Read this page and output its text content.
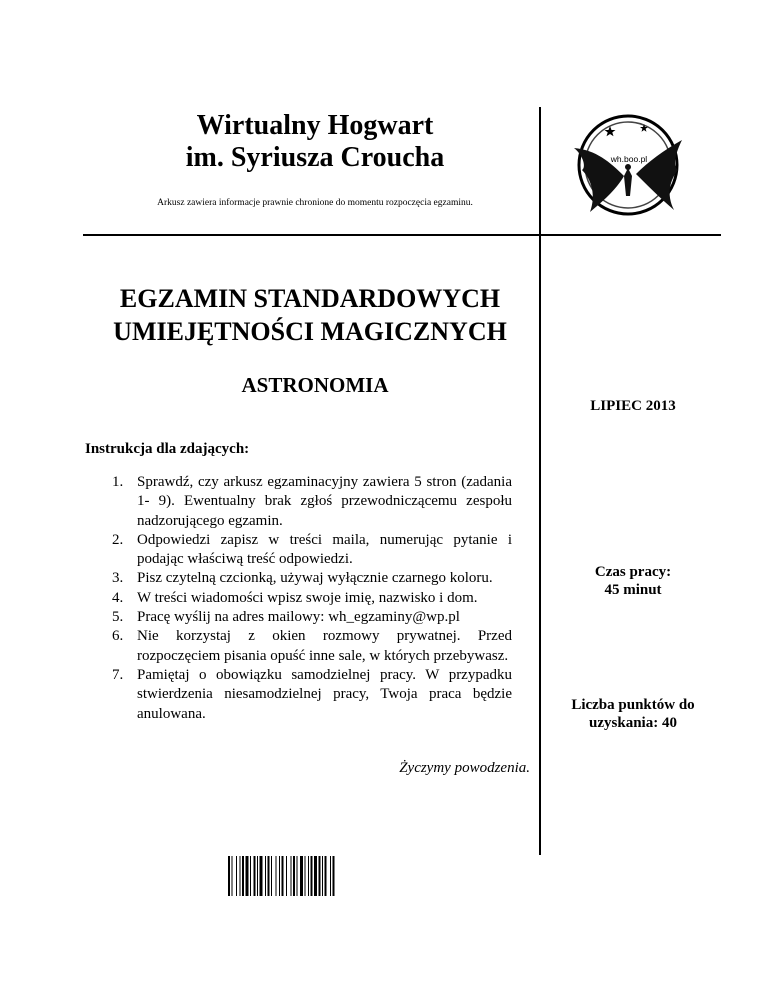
Wirtualny Hogwart
im. Syriusza Croucha
Arkusz zawiera informacje prawnie chronione do momentu rozpoczęcia egzaminu.
wh.boo.pl
EGZAMIN STANDARDOWYCH
UMIEJĘTNOŚCI MAGICZNYCH
ASTRONOMIA
LIPIEC 2013
Czas pracy:
45 minut
Liczba punktów do
uzyskania: 40
Instrukcja dla zdających:
1. Sprawdź, czy arkusz egzaminacyjny zawiera 5 stron (zadania 1- 9). Ewentualny brak zgłoś przewodniczącemu zespołu nadzorującego egzamin.
2. Odpowiedzi zapisz w treści maila, numerując pytanie i podając właściwą treść odpowiedzi.
3. Pisz czytelną czcionką, używaj wyłącznie czarnego koloru.
4. W treści wiadomości wpisz swoje imię, nazwisko i dom.
5. Pracę wyślij na adres mailowy: wh_egzaminy@wp.pl
6. Nie korzystaj z okien rozmowy prywatnej. Przed rozpoczęciem pisania opuść inne sale, w których przebywasz.
7. Pamiętaj o obowiązku samodzielnej pracy. W przypadku stwierdzenia niesamodzielnej pracy, Twoja praca będzie anulowana.
Życzymy powodzenia.
